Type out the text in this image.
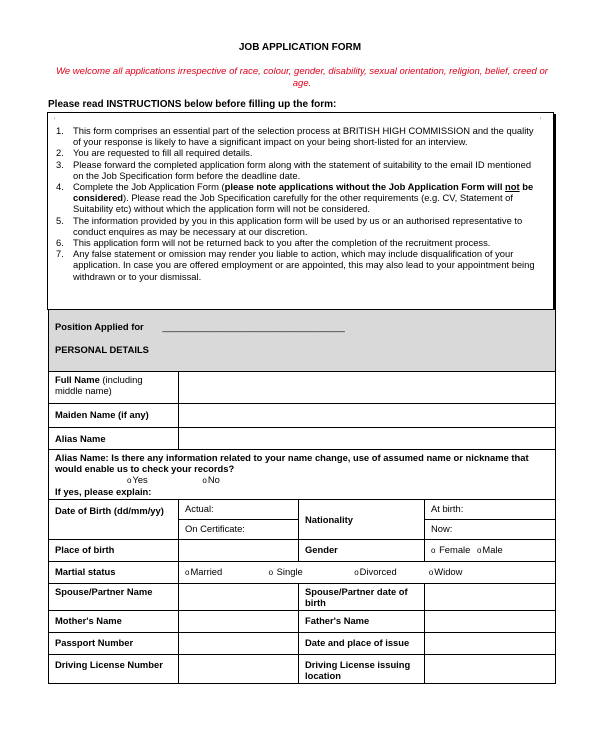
JOB APPLICATION FORM
We welcome all applications irrespective of race, colour, gender, disability, sexual orientation, religion, belief, creed or age.
Please read INSTRUCTIONS below before filling up the form:
'	'
1. This form comprises an essential part of the selection process at BRITISH HIGH COMMISSION and the quality of your response is likely to have a significant impact on your being short-listed for an interview.
2. You are requested to fill all required details.
3. Please forward the completed application form along with the statement of suitability to the email ID mentioned on the Job Specification form before the deadline date.
4. Complete the Job Application Form (please note applications without the Job Application Form will not be considered). Please read the Job Specification carefully for the other requirements (e.g. CV, Statement of Suitability etc) without which the application form will not be considered.
5. The information provided by you in this application form will be used by us or an authorised representative to conduct enquires as may be necessary at our discretion.
6. This application form will not be returned back to you after the completion of the recruitment process.
7. Any false statement or omission may render you liable to action, which may include disqualification of your application. In case you are offered employment or are appointed, this may also lead to your appointment being withdrawn or to your dismissal.
Position Applied for ___________________________________
PERSONAL DETAILS			

Full Name (including middle name)			
Maiden Name (if any)			
Alias Name			

Alias Name: Is there any information related to your name change, use of assumed name or nickname that would enable us to check your records?
oYes oNo
If yes, please explain:			

Date of Birth (dd/mm/yy)	Actual:	Nationality	At birth:
	On Certificate:		Now:
Place of birth		Gender	o Female oMale
Martial status	oMarried o Single oDivorced oWidow		
Spouse/Partner Name		Spouse/Partner date of birth	
Mother's Name		Father's Name	
Passport Number		Date and place of issue	
Driving License Number		Driving License issuing location	
